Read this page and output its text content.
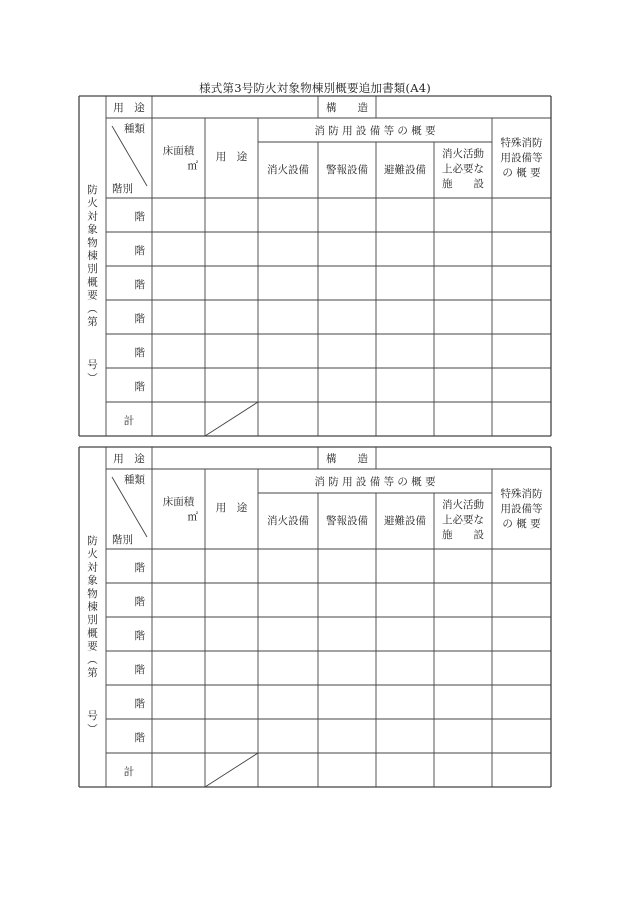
様式第3号防火対象物棟別概要追加書類(A4)
用　途	構　　造
種類
階別
床面積
㎡
用　途
消 防 用 設 備 等 の 概 要
消火設備 警報設備 避難設備
消火活動
上必要な
施　　設
特殊消防
用設備等
の 概 要
階
階
階
階
階
階
計
防火対象物棟別概要︵第号︶
用　途	構　　造
種類
階別
床面積
㎡
用　途
消 防 用 設 備 等 の 概 要
消火設備 警報設備 避難設備
消火活動
上必要な
施　　設
特殊消防
用設備等
の 概 要
階
階
階
階
階
階
計
防火対象物棟別概要︵第号︶
